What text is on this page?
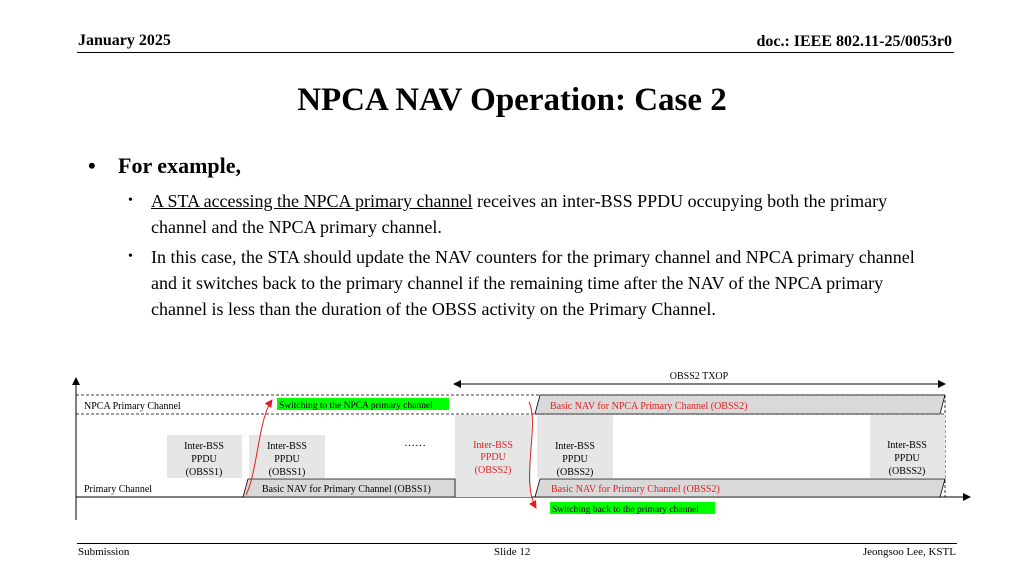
January 2025	doc.: IEEE 802.11-25/0053r0
NPCA NAV Operation: Case 2
• For example,
• A STA accessing the NPCA primary channel receives an inter-BSS PPDU occupying both the primary channel and the NPCA primary channel.
• In this case, the STA should update the NAV counters for the primary channel and NPCA primary channel and it switches back to the primary channel if the remaining time after the NAV of the NPCA primary channel is less than the duration of the OBSS activity on the Primary Channel.
OBSS2 TXOP
NPCA Primary Channel	Switching to the NPCA primary channel	Basic NAV for NPCA Primary Channel (OBSS2)
Inter-BSS
PPDU
(OBSS1)
Inter-BSS
PPDU
(OBSS1)
……	Inter-BSS
PPDU
(OBSS2)
Inter-BSS
PPDU
(OBSS2)
Inter-BSS
PPDU
(OBSS2)
Primary Channel	Basic NAV for Primary Channel (OBSS1)	Basic NAV for Primary Channel (OBSS2)
Switching back to the primary channel
Submission	Slide 12	Jeongsoo Lee, KSTL
